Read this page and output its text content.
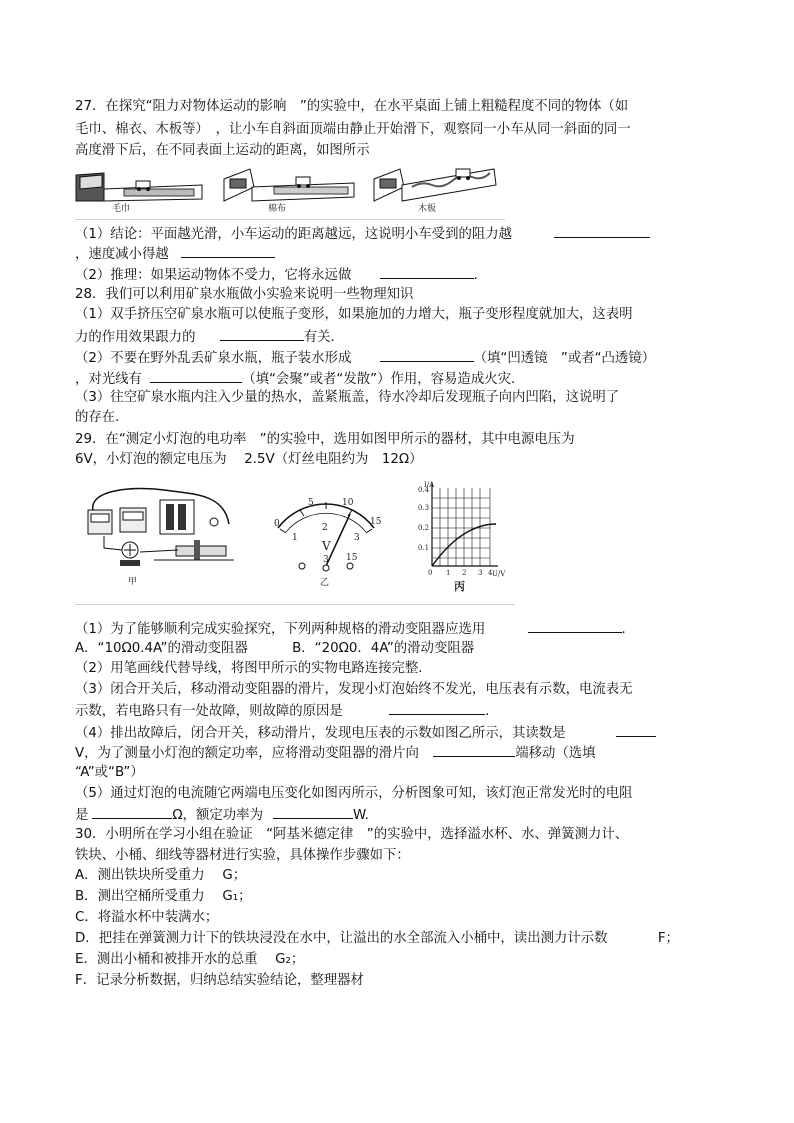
27．在探究“阻力对物体运动的影响　”的实验中，在水平桌面上铺上粗糙程度不同的物体（如
毛巾、棉衣、木板等）　，让小车自斜面顶端由静止开始滑下，观察同一小车从同一斜面的同一
高度滑下后，在不同表面上运动的距离，如图所示
毛巾	棉布	木板
（1）结论：平面越光滑，小车运动的距离越远，这说明小车受到的阻力越
，速度减小得越
（2）推理：如果运动物体不受力，它将永远做	.
28．我们可以利用矿泉水瓶做小实验来说明一些物理知识
（1）双手挤压空矿泉水瓶可以使瓶子变形，如果施加的力增大，瓶子变形程度就加大，这表明
力的作用效果跟力的	有关．
（2）不要在野外乱丢矿泉水瓶，瓶子装水形成	（填“凹透镜　”或者“凸透镜）
，对光线有	（填“会聚”或者“发散”）作用，容易造成火灾．
（3）往空矿泉水瓶内注入少量的热水，盖紧瓶盖，待水冷却后发现瓶子向内凹陷，这说明了
的存在．
29．在“测定小灯泡的电功率　”的实验中，选用如图甲所示的器材，其中电源电压为
6V，小灯泡的额定电压为　 2.5V（灯丝电阻约为　12Ω）
甲
0
5	10
15
1
2
3
V
3 15
乙
I/A
U/V
0.1
0.2
0.3
0.4
0 1 2 3 4
丙
（1）为了能够顺利完成实验探究，下列两种规格的滑动变阻器应选用	.
A．“10Ω0.4A”的滑动变阻器	B．“20Ω0．4A”的滑动变阻器
（2）用笔画线代替导线，将图甲所示的实物电路连接完整．
（3）闭合开关后，移动滑动变阻器的滑片，发现小灯泡始终不发光，电压表有示数，电流表无
示数，若电路只有一处故障，则故障的原因是	.
（4）排出故障后，闭合开关，移动滑片，发现电压表的示数如图乙所示，其读数是
V，为了测量小灯泡的额定功率，应将滑动变阻器的滑片向	端移动（选填
“A”或“B”）
（5）通过灯泡的电流随它两端电压变化如图丙所示，分析图象可知，该灯泡正常发光时的电阻
是	Ω，额定功率为	W.
30．小明所在学习小组在验证　“阿基米德定律　”的实验中，选择溢水杯、水、弹簧测力计、
铁块、小桶、细线等器材进行实验，具体操作步骤如下：
A．测出铁块所受重力　 G；
B．测出空桶所受重力　 G₁；
C．将溢水杯中装满水；
D．把挂在弹簧测力计下的铁块浸没在水中，让溢出的水全部流入小桶中，读出测力计示数	F；
E．测出小桶和被排开水的总重　 G₂；
F．记录分析数据，归纳总结实验结论，整理器材
